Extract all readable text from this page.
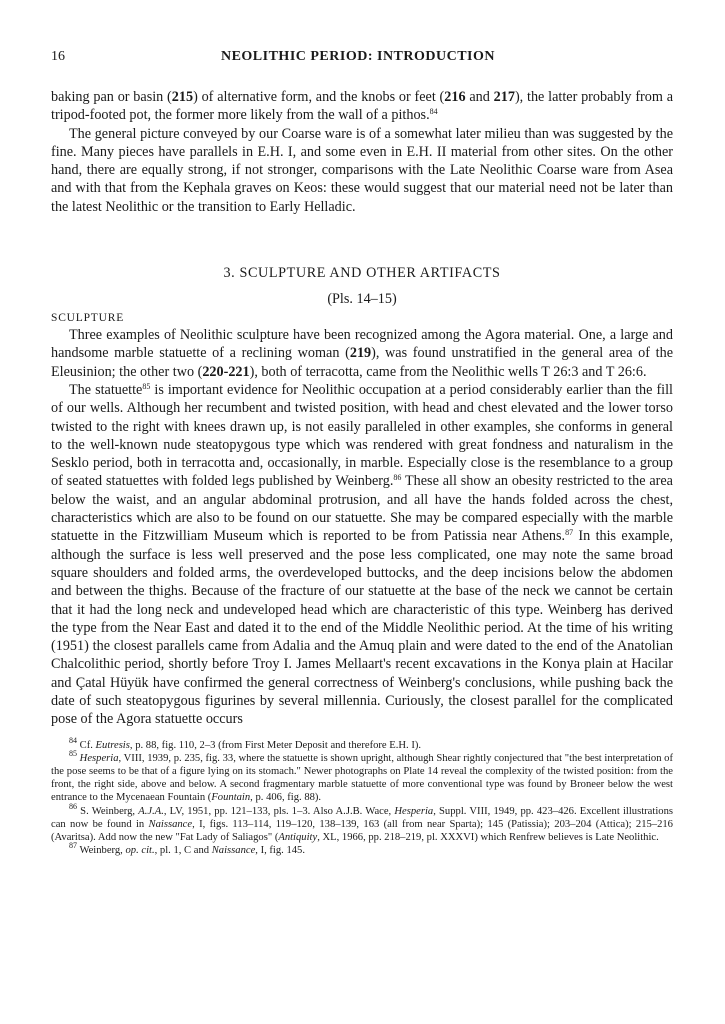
16	NEOLITHIC PERIOD: INTRODUCTION

baking pan or basin (215) of alternative form, and the knobs or feet (216 and 217), the latter probably from a tripod-footed pot, the former more likely from the wall of a pithos.$^{84}$

The general picture conveyed by our Coarse ware is of a somewhat later milieu than was suggested by the fine. Many pieces have parallels in E.H. I, and some even in E.H. II material from other sites. On the other hand, there are equally strong, if not stronger, comparisons with the Late Neolithic Coarse ware from Asea and with that from the Kephala graves on Keos: these would suggest that our material need not be later than the latest Neolithic or the transition to Early Helladic.

3. SCULPTURE AND OTHER ARTIFACTS

(Pls. 14–15)

SCULPTURE

Three examples of Neolithic sculpture have been recognized among the Agora material. One, a large and handsome marble statuette of a reclining woman (219), was found unstratified in the general area of the Eleusinion; the other two (220-221), both of terracotta, came from the Neolithic wells T 26:3 and T 26:6.

The statuette$^{85}$ is important evidence for Neolithic occupation at a period considerably earlier than the fill of our wells. Although her recumbent and twisted position, with head and chest elevated and the lower torso twisted to the right with knees drawn up, is not easily paralleled in other examples, she conforms in general to the well-known nude steatopygous type which was rendered with great fondness and naturalism in the Sesklo period, both in terracotta and, occasionally, in marble. Especially close is the resemblance to a group of seated statuettes with folded legs published by Weinberg.$^{86}$ These all show an obesity restricted to the area below the waist, and an angular abdominal protrusion, and all have the hands folded across the chest, characteristics which are also to be found on our statuette. She may be compared especially with the marble statuette in the Fitzwilliam Museum which is reported to be from Patissia near Athens.$^{87}$ In this example, although the surface is less well preserved and the pose less complicated, one may note the same broad square shoulders and folded arms, the overdeveloped buttocks, and the deep incisions below the abdomen and between the thighs. Because of the fracture of our statuette at the base of the neck we cannot be certain that it had the long neck and undeveloped head which are characteristic of this type. Weinberg has derived the type from the Near East and dated it to the end of the Middle Neolithic period. At the time of his writing (1951) the closest parallels came from Adalia and the Amuq plain and were dated to the end of the Anatolian Chalcolithic period, shortly before Troy I. James Mellaart's recent excavations in the Konya plain at Hacilar and Çatal Hüyük have confirmed the general correctness of Weinberg's conclusions, while pushing back the date of such steatopygous figurines by several millennia. Curiously, the closest parallel for the complicated pose of the Agora statuette occurs

$^{84}$ Cf. Eutresis, p. 88, fig. 110, 2–3 (from First Meter Deposit and therefore E.H. I).

$^{85}$ Hesperia, VIII, 1939, p. 235, fig. 33, where the statuette is shown upright, although Shear rightly conjectured that "the best interpretation of the pose seems to be that of a figure lying on its stomach." Newer photographs on Plate 14 reveal the complexity of the twisted position: from the front, the right side, above and below. A second fragmentary marble statuette of more conventional type was found by Broneer below the west entrance to the Mycenaean Fountain (Fountain, p. 406, fig. 88).

$^{86}$ S. Weinberg, A.J.A., LV, 1951, pp. 121–133, pls. 1–3. Also A.J.B. Wace, Hesperia, Suppl. VIII, 1949, pp. 423–426. Excellent illustrations can now be found in Naissance, I, figs. 113–114, 119–120, 138–139, 163 (all from near Sparta); 145 (Patissia); 203–204 (Attica); 215–216 (Avaritsa). Add now the new "Fat Lady of Saliagos" (Antiquity, XL, 1966, pp. 218–219, pl. XXXVI) which Renfrew believes is Late Neolithic.

$^{87}$ Weinberg, op. cit., pl. 1, C and Naissance, I, fig. 145.
